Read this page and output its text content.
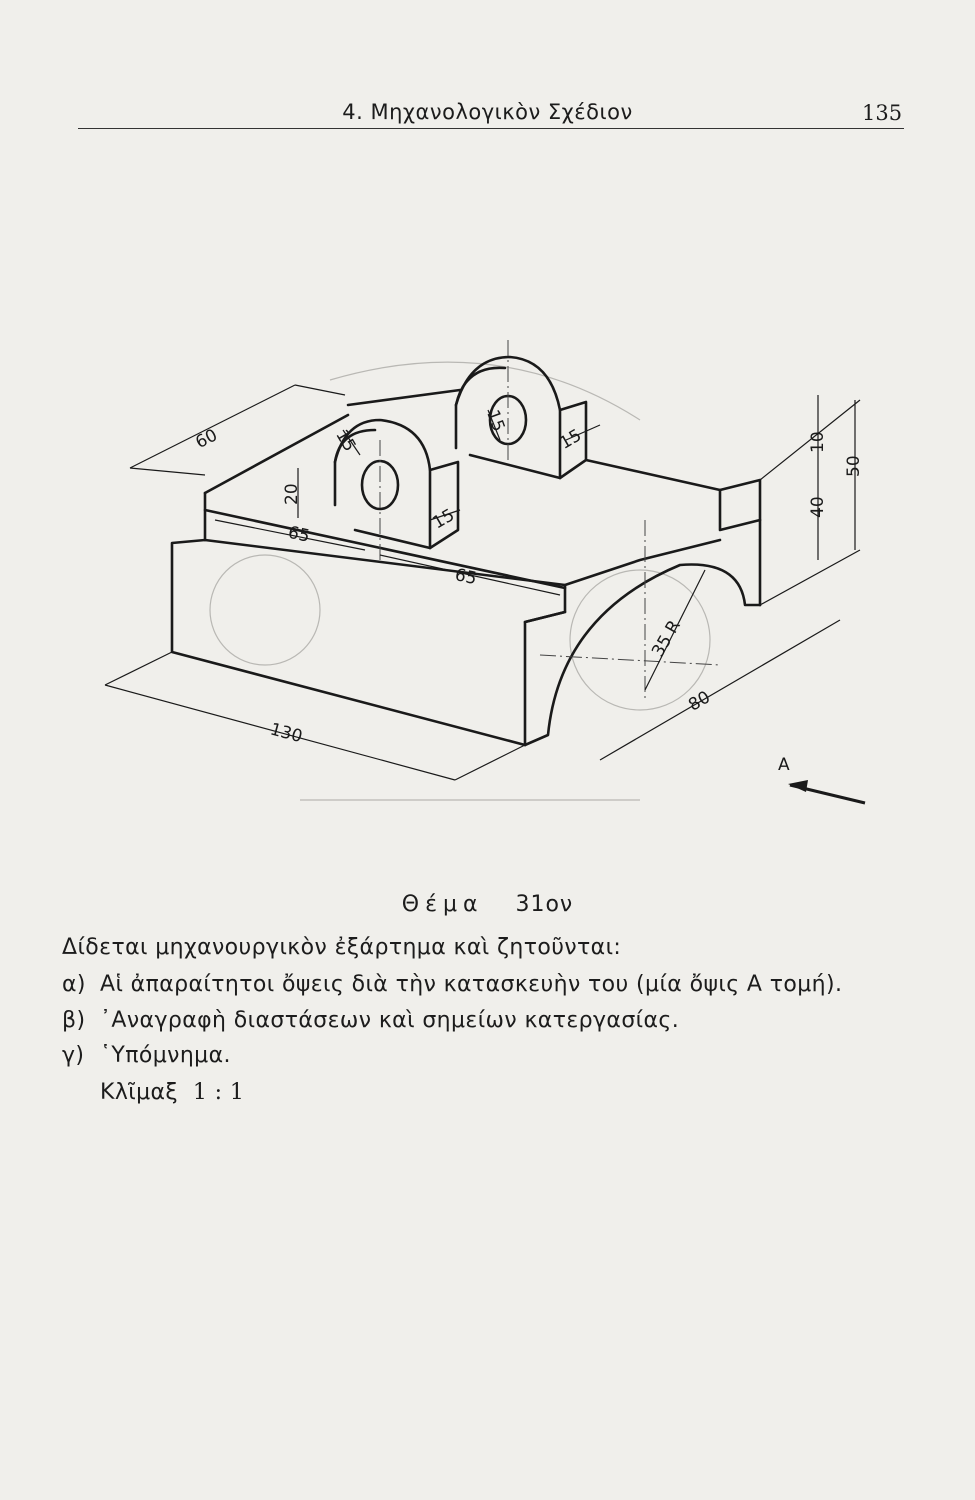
4. Μηχανολογικὸν Σχέδιον	135
60
20
65
65
15
15
15
15	10
40
50
35 R
80
130
A
Θέμα 31ον
Δίδεται μηχανουργικὸν ἐξάρτημα καὶ ζητοῦνται:
α) Αἱ ἀπαραίτητοι ὄψεις διὰ τὴν κατασκευὴν του (μία ὄψις Α τομή).
β) ᾿Αναγραφὴ διαστάσεων καὶ σημείων κατεργασίας.
γ) ῾Υπόμνημα.
Κλῖμαξ 1 : 1
